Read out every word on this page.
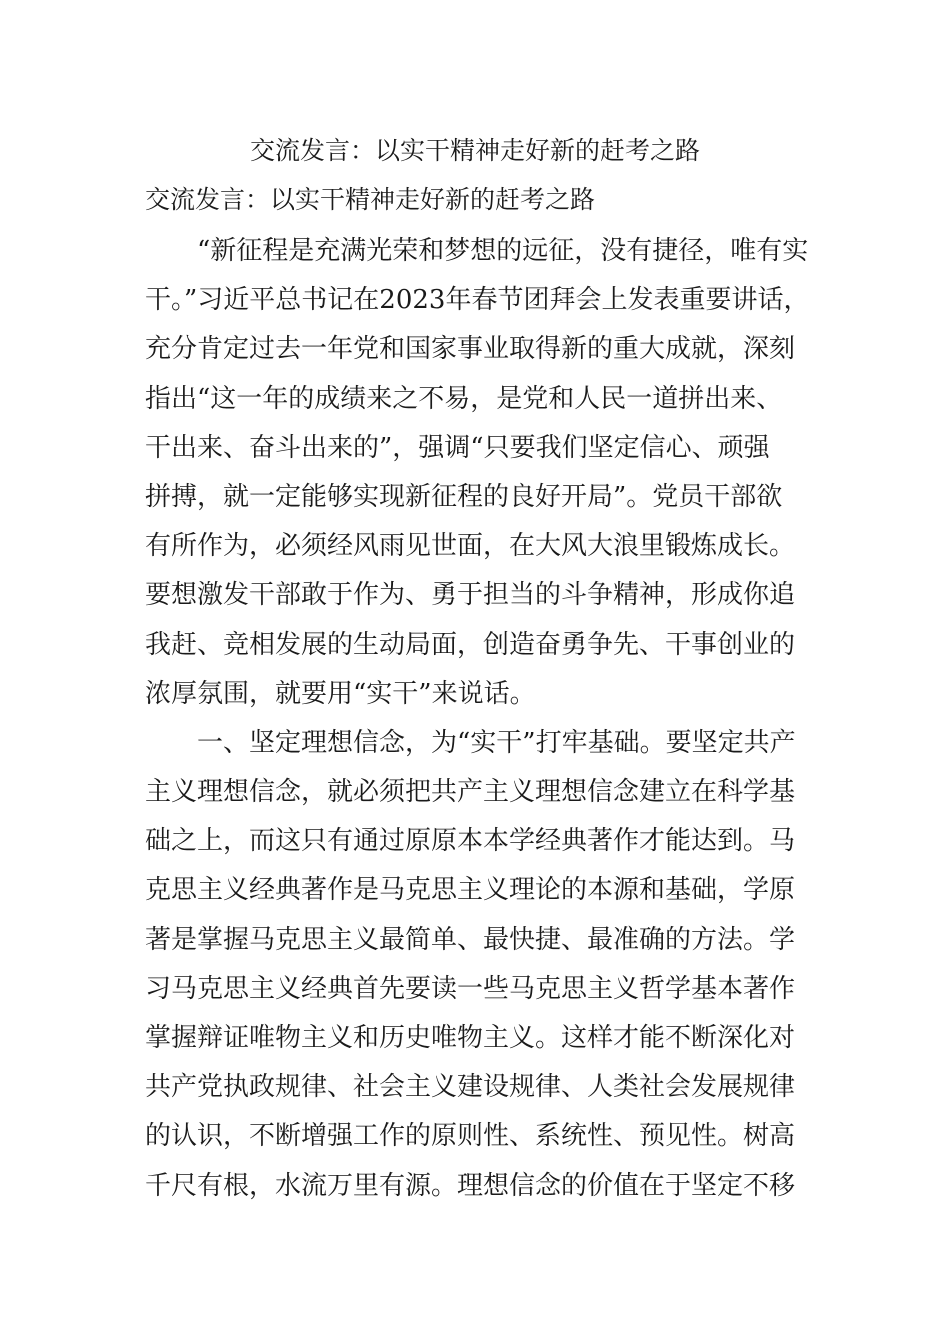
交流发言：以实干精神走好新的赶考之路
交流发言：以实干精神走好新的赶考之路
“新征程是充满光荣和梦想的远征，没有捷径，唯有实
干。”习近平总书记在2023年春节团拜会上发表重要讲话，
充分肯定过去一年党和国家事业取得新的重大成就，深刻
指出“这一年的成绩来之不易，是党和人民一道拼出来、
干出来、奋斗出来的”，强调“只要我们坚定信心、顽强
拼搏，就一定能够实现新征程的良好开局”。党员干部欲
有所作为，必须经风雨见世面，在大风大浪里锻炼成长。
要想激发干部敢于作为、勇于担当的斗争精神，形成你追
我赶、竞相发展的生动局面，创造奋勇争先、干事创业的
浓厚氛围，就要用“实干”来说话。
一、坚定理想信念，为“实干”打牢基础。要坚定共产
主义理想信念，就必须把共产主义理想信念建立在科学基
础之上，而这只有通过原原本本学经典著作才能达到。马
克思主义经典著作是马克思主义理论的本源和基础，学原
著是掌握马克思主义最简单、最快捷、最准确的方法。学
习马克思主义经典首先要读一些马克思主义哲学基本著作
掌握辩证唯物主义和历史唯物主义。这样才能不断深化对
共产党执政规律、社会主义建设规律、人类社会发展规律
的认识，不断增强工作的原则性、系统性、预见性。树高
千尺有根，水流万里有源。理想信念的价值在于坚定不移
